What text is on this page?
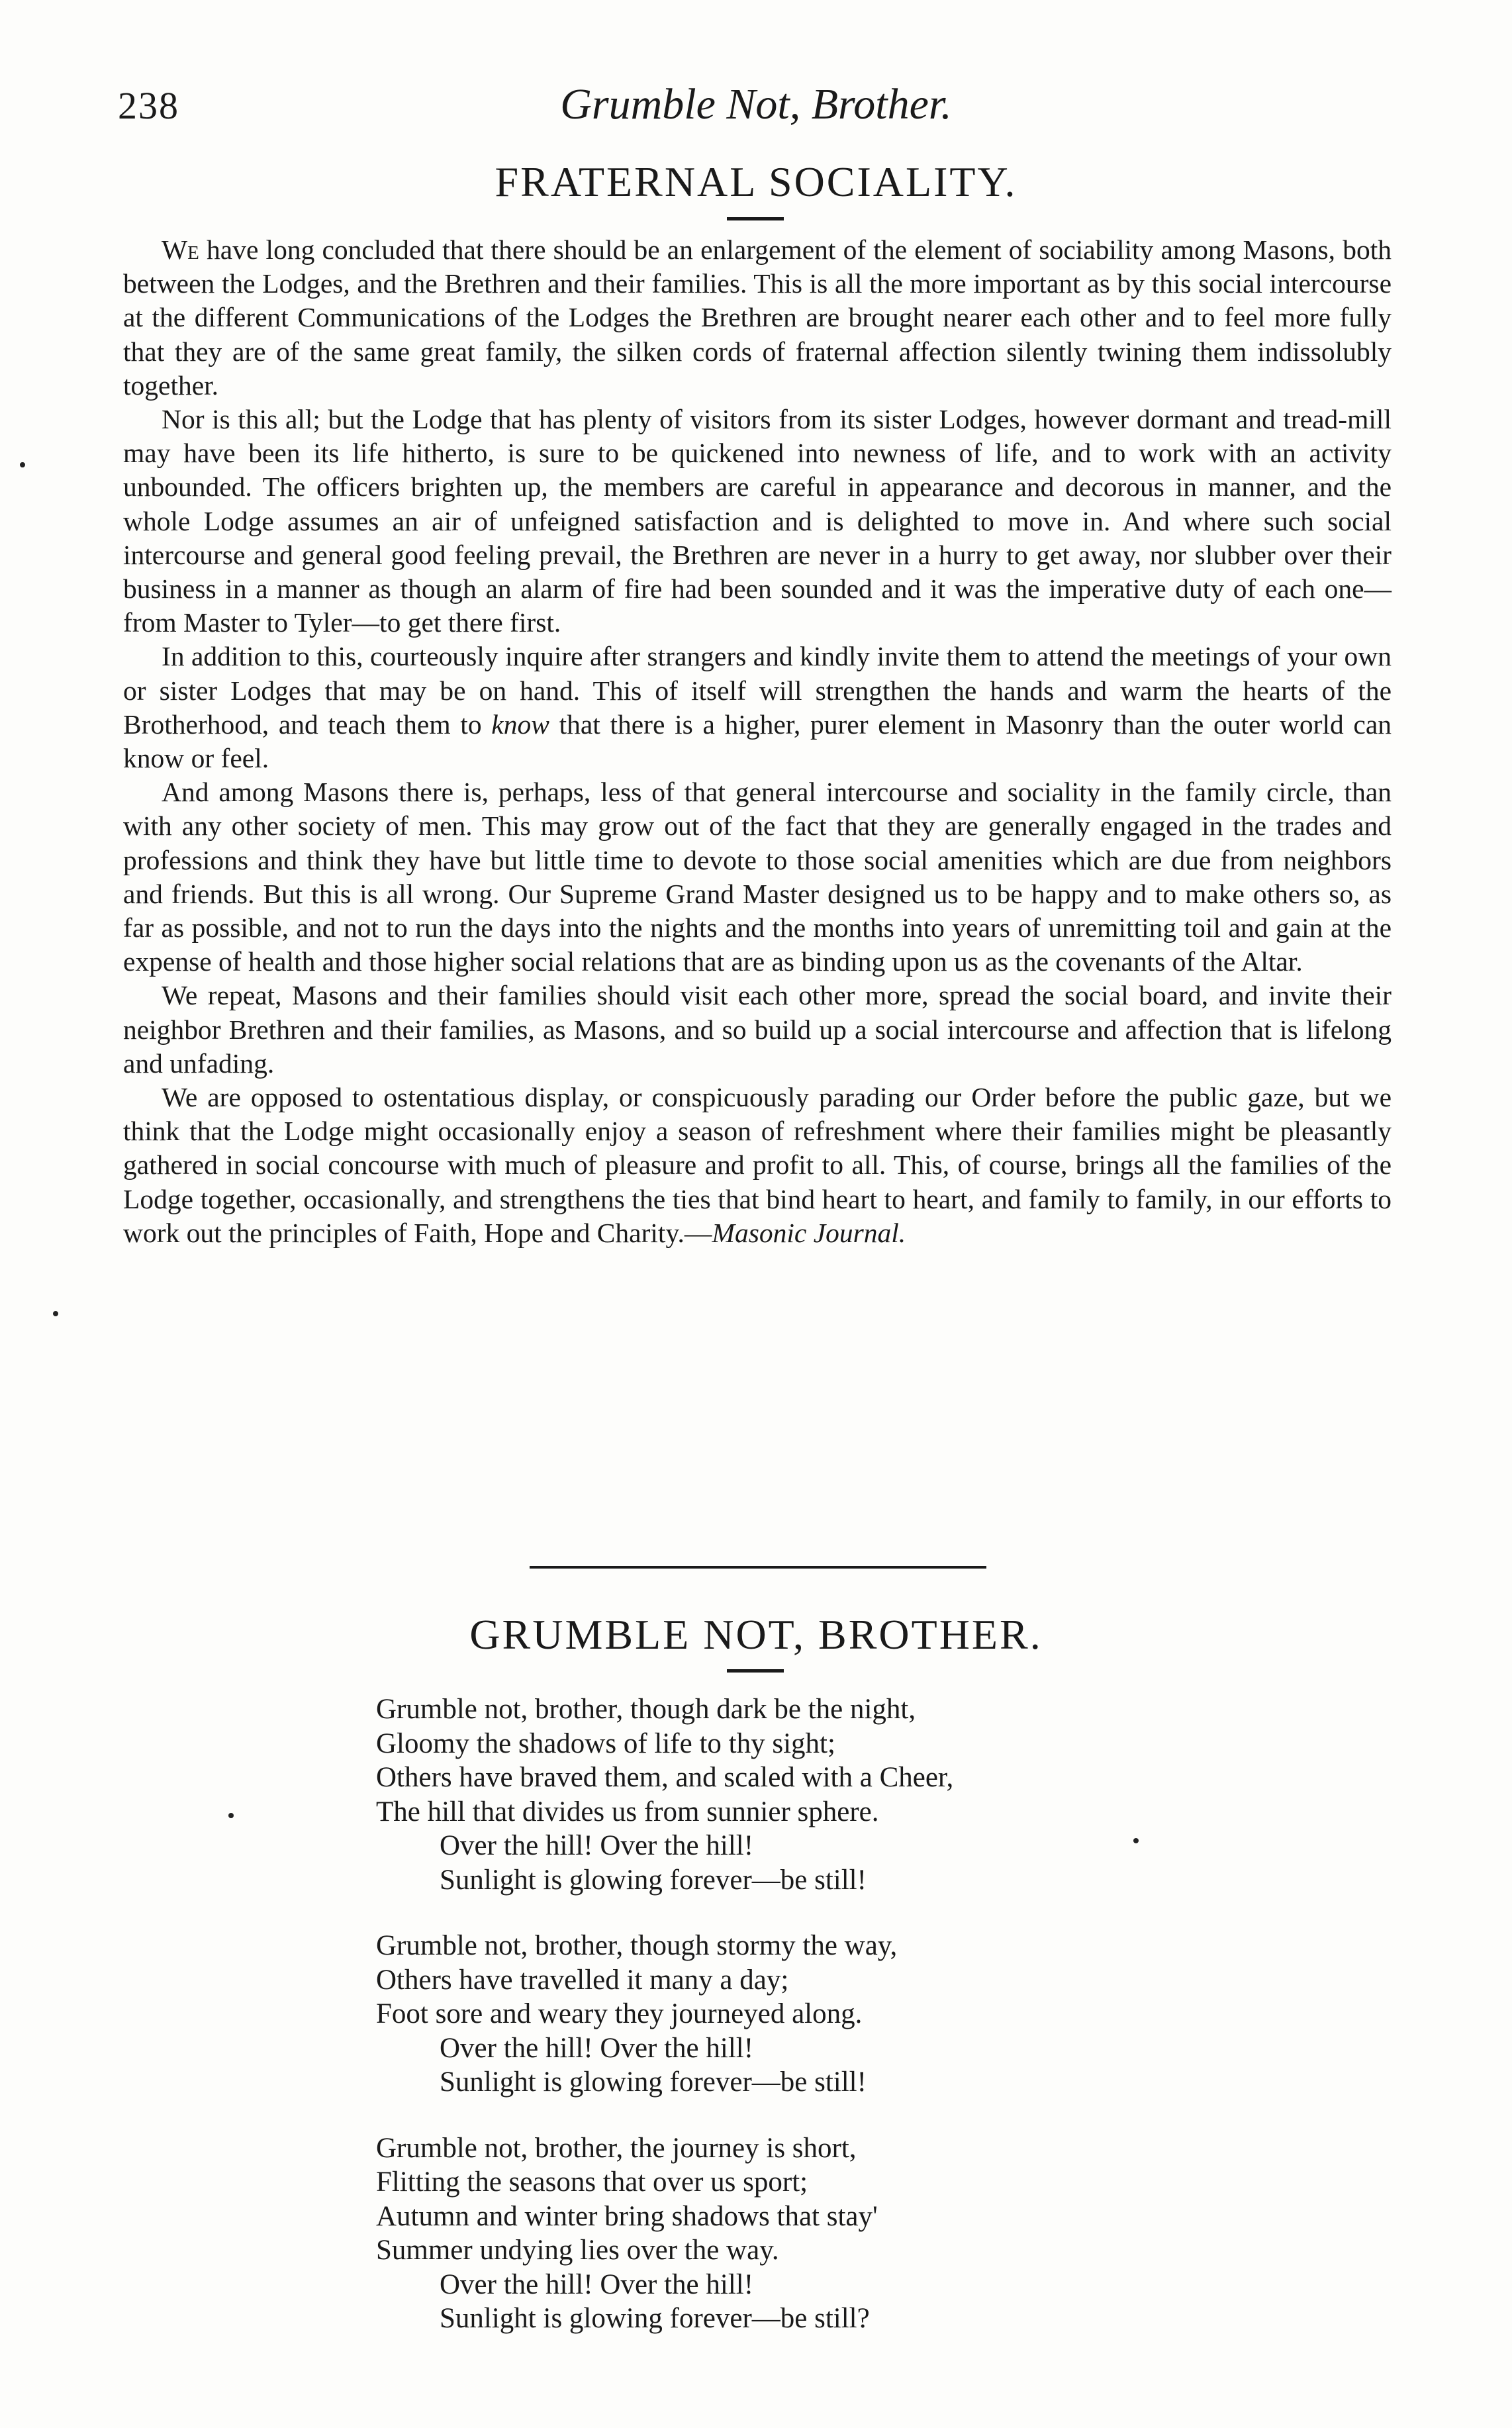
238	Grumble Not, Brother.
FRATERNAL SOCIALITY.

We have long concluded that there should be an enlargement of the element of sociability among Masons, both between the Lodges, and the Brethren and their families. This is all the more important as by this social intercourse at the different Communications of the Lodges the Brethren are brought nearer each other and to feel more fully that they are of the same great family, the silken cords of fraternal affection silently twining them indissolubly together.

Nor is this all; but the Lodge that has plenty of visitors from its sister Lodges, however dormant and tread-mill may have been its life hitherto, is sure to be quickened into newness of life, and to work with an activity unbounded. The officers brighten up, the members are careful in appearance and decorous in manner, and the whole Lodge assumes an air of unfeigned satisfaction and is delighted to move in. And where such social intercourse and general good feeling prevail, the Brethren are never in a hurry to get away, nor slubber over their business in a manner as though an alarm of fire had been sounded and it was the imperative duty of each one—from Master to Tyler—to get there first.

In addition to this, courteously inquire after strangers and kindly invite them to attend the meetings of your own or sister Lodges that may be on hand. This of itself will strengthen the hands and warm the hearts of the Brotherhood, and teach them to know that there is a higher, purer element in Masonry than the outer world can know or feel.

And among Masons there is, perhaps, less of that general intercourse and sociality in the family circle, than with any other society of men. This may grow out of the fact that they are generally engaged in the trades and professions and think they have but little time to devote to those social amenities which are due from neighbors and friends. But this is all wrong. Our Supreme Grand Master designed us to be happy and to make others so, as far as possible, and not to run the days into the nights and the months into years of unremitting toil and gain at the expense of health and those higher social relations that are as binding upon us as the covenants of the Altar.

We repeat, Masons and their families should visit each other more, spread the social board, and invite their neighbor Brethren and their families, as Masons, and so build up a social intercourse and affection that is lifelong and unfading.

We are opposed to ostentatious display, or conspicuously parading our Order before the public gaze, but we think that the Lodge might occasionally enjoy a season of refreshment where their families might be pleasantly gathered in social concourse with much of pleasure and profit to all. This, of course, brings all the families of the Lodge together, occasionally, and strengthens the ties that bind heart to heart, and family to family, in our efforts to work out the principles of Faith, Hope and Charity.—Masonic Journal.

GRUMBLE NOT, BROTHER.
Grumble not, brother, though dark be the night,
Gloomy the shadows of life to thy sight;
Others have braved them, and scaled with a Cheer,
The hill that divides us from sunnier sphere.
Over the hill! Over the hill!
Sunlight is glowing forever—be still!
Grumble not, brother, though stormy the way,
Others have travelled it many a day;
Foot sore and weary they journeyed along.
Over the hill! Over the hill!
Sunlight is glowing forever—be still!
Grumble not, brother, the journey is short,
Flitting the seasons that over us sport;
Autumn and winter bring shadows that stay'
Summer undying lies over the way.
Over the hill! Over the hill!
Sunlight is glowing forever—be still?
